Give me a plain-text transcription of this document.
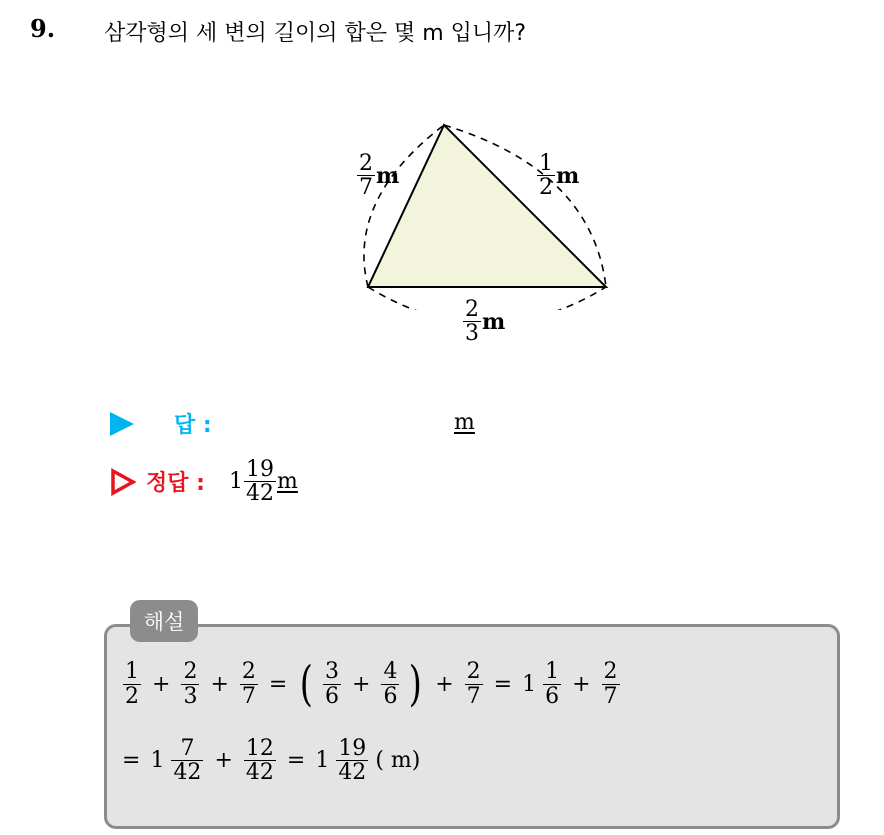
9. 삼각형의 세 변의 길이의 합은 몇 m 입니까?
$\frac{2}{7}$ m	$\frac{1}{2}$ m
$\frac{2}{3}$ m
답 :	m
정답 : $1 \frac{19}{42}$ m
해설
$\frac{1}{2} + \frac{2}{3} + \frac{2}{7}$ = ( $\frac{3}{6} + \frac{4}{6}$ ) + $\frac{2}{7} = 1 \frac{1}{6} + \frac{2}{7}$
= $1 \frac{7}{42} + \frac{12}{42} = 1 \frac{19}{42}$ ( m)
